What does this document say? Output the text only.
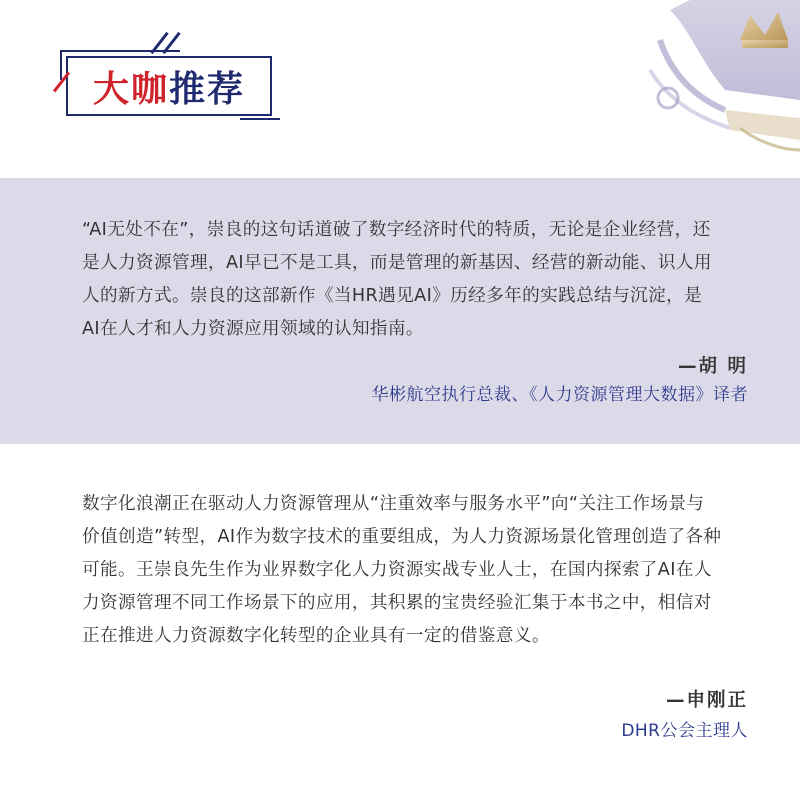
大咖 推荐

“AI无处不在”，崇良的这句话道破了数字经济时代的特质，无论是企业经营，还是人力资源管理，AI早已不是工具，而是管理的新基因、经营的新动能、识人用人的新方式。崇良的这部新作《当HR遇见AI》历经多年的实践总结与沉淀，是AI在人才和人力资源应用领域的认知指南。

—胡 明
华彬航空执行总裁、《人力资源管理大数据》译者

数字化浪潮正在驱动人力资源管理从“注重效率与服务水平”向“关注工作场景与价值创造”转型，AI作为数字技术的重要组成，为人力资源场景化管理创造了各种可能。王崇良先生作为业界数字化人力资源实战专业人士，在国内探索了AI在人力资源管理不同工作场景下的应用，其积累的宝贵经验汇集于本书之中，相信对正在推进人力资源数字化转型的企业具有一定的借鉴意义。

—申刚正
DHR公会主理人
